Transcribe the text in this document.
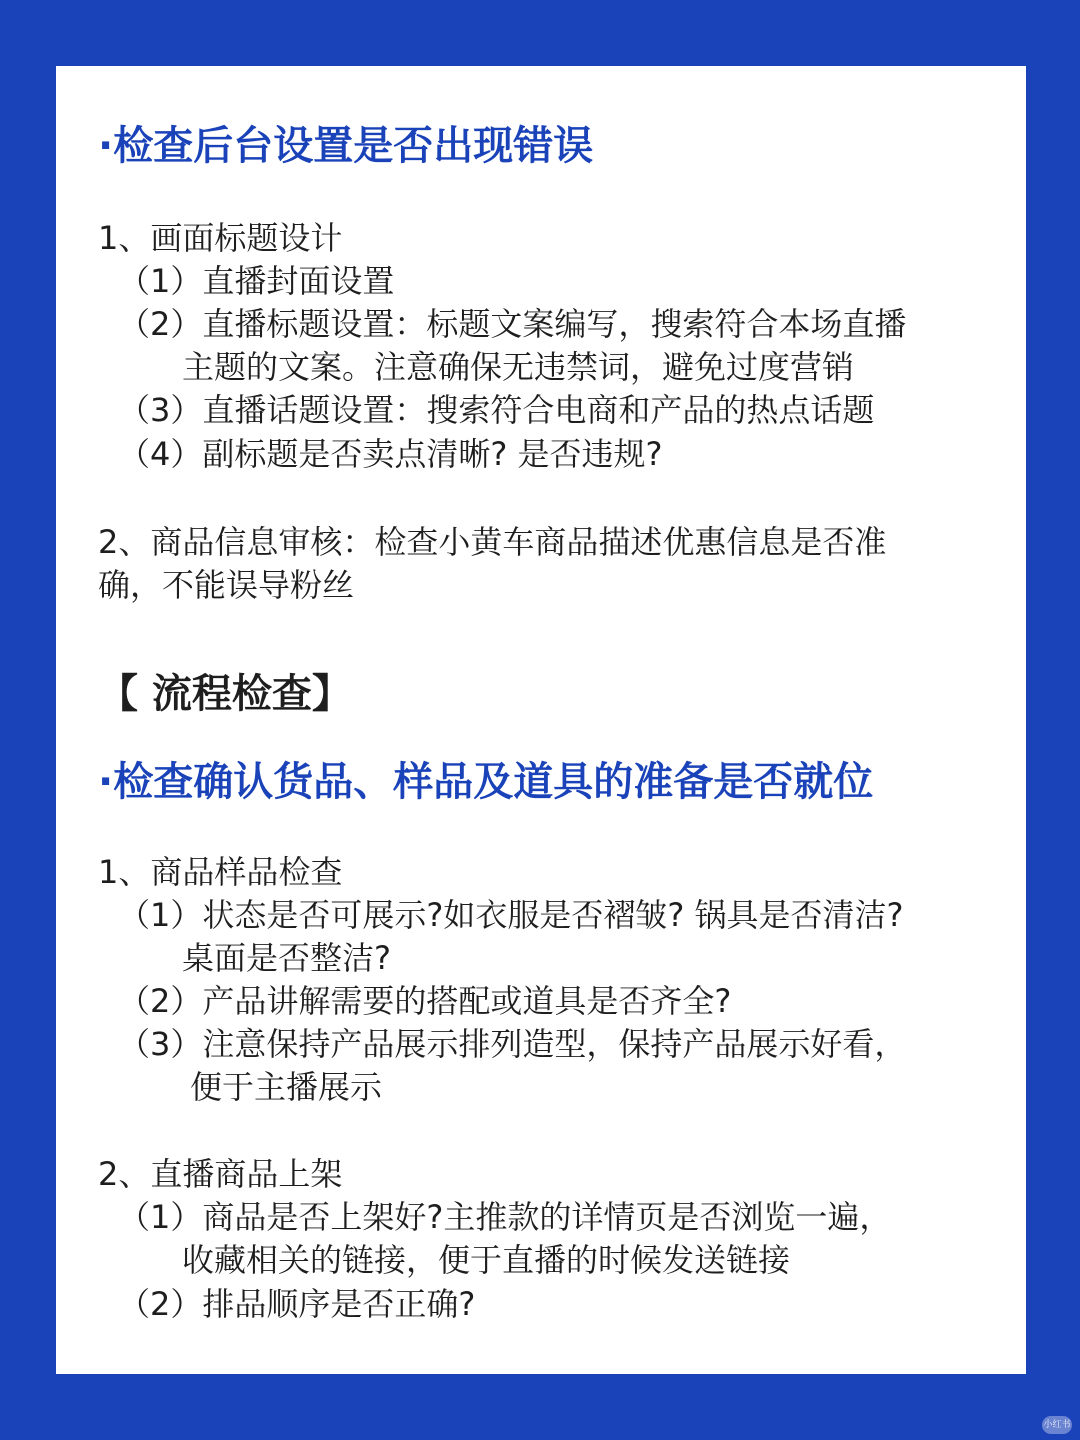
·检查后台设置是否出现错误
1、画面标题设计
（1）直播封面设置
（2）直播标题设置：标题文案编写，搜索符合本场直播
主题的文案。注意确保无违禁词，避免过度营销
（3）直播话题设置：搜索符合电商和产品的热点话题
（4）副标题是否卖点清晰? 是否违规?
2、商品信息审核：检查小黄车商品描述优惠信息是否准
确，不能误导粉丝
【 流程检查】
·检查确认货品、样品及道具的准备是否就位
1、商品样品检查
（1）状态是否可展示?如衣服是否褶皱? 锅具是否清洁?
桌面是否整洁?
（2）产品讲解需要的搭配或道具是否齐全?
（3）注意保持产品展示排列造型，保持产品展示好看，
便于主播展示
2、直播商品上架
（1）商品是否上架好?主推款的详情页是否浏览一遍，
收藏相关的链接，便于直播的时候发送链接
（2）排品顺序是否正确?
小红书
